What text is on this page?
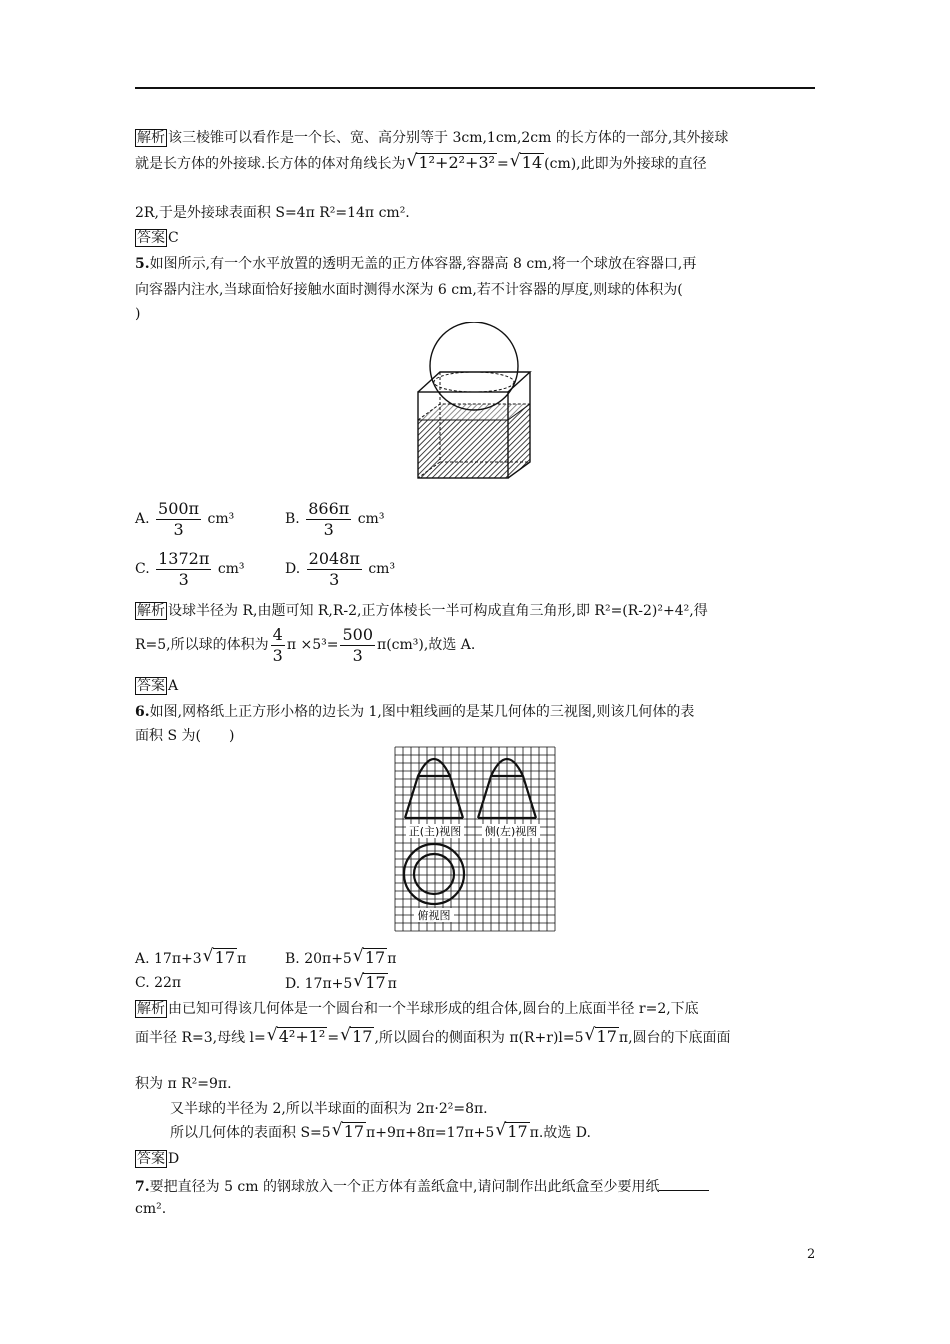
解析 该三棱锥可以看作是一个长、宽、高分别等于 3cm,1cm,2cm 的长方体的一部分,其外接球
就是长方体的外接球.长方体的体对角线长为 √ 1²+2²+3² = √ 14 (cm),此即为外接球的直径
2R,于是外接球表面积 S=4π R²=14π cm².
答案 C
5.如图所示,有一个水平放置的透明无盖的正方体容器,容器高 8 cm,将一个球放在容器口,再
向容器内注水,当球面恰好接触水面时测得水深为 6 cm,若不计容器的厚度,则球的体积为(
)
A. $\frac{500\pi}{3} cm^3$	B. $\frac{866\pi}{3} cm^3$
C. $\frac{1372\pi}{3} cm^3$	D. $\frac{2048\pi}{3} cm^3$
解析 设球半径为 R,由题可知 R,R-2,正方体棱长一半可构成直角三角形,即 R²=(R-2)²+4²,得
R=5,所以球的体积为 $\frac{4}{3}$ $\pi \times 5^3= \frac{500}{3} \pi(cm^3)$,故选 A.
答案 A
6.如图,网格纸上正方形小格的边长为 1,图中粗线画的是某几何体的三视图,则该几何体的表
面积 S 为(　　)
正(主)视图 侧(左)视图
俯视图
A. 17π+3 √ 17 π	B. 20π+5 √ 17 π
C. 22π	D. 17π+5 √ 17 π
解析 由已知可得该几何体是一个圆台和一个半球形成的组合体,圆台的上底面半径 r=2,下底
面半径 R=3,母线 l= √ 4²+1² = √ 17 ,所以圆台的侧面积为 π(R+r)l=5 √ 17 π,圆台的下底面面
积为 π R²=9π.
又半球的半径为 2,所以半球面的面积为 2π·2²=8π.
所以几何体的表面积 S=5 √ 17 π+9π+8π=17π+5 √ 17 π.故选 D.
答案 D
7.要把直径为 5 cm 的钢球放入一个正方体有盖纸盒中,请问制作出此纸盒至少要用纸
cm².
2
